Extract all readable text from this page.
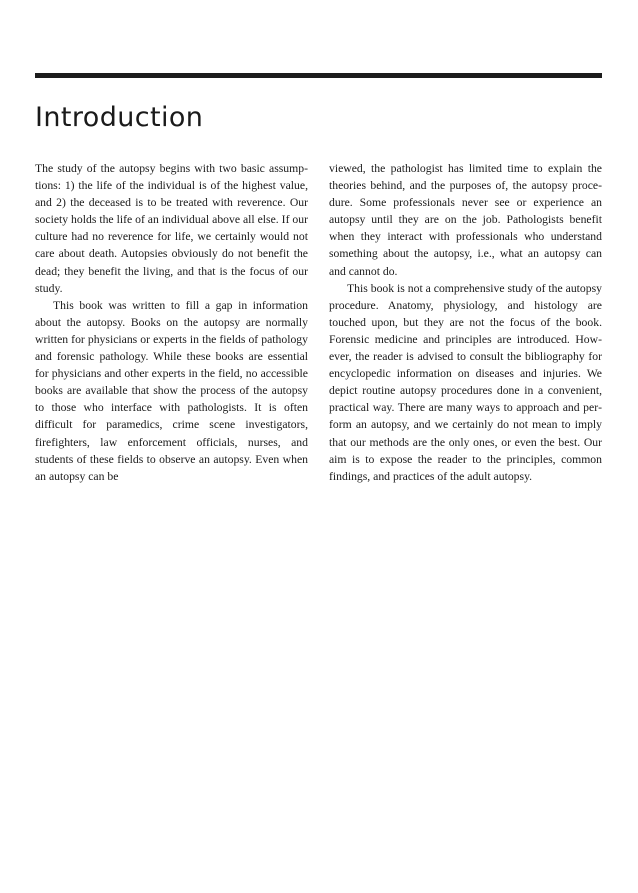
Introduction

The study of the autopsy begins with two basic assumptions: 1) the life of the individual is of the highest value, and 2) the deceased is to be treated with reverence. Our society holds the life of an individual above all else. If our culture had no reverence for life, we certainly would not care about death. Autopsies obviously do not benefit the dead; they benefit the living, and that is the focus of our study.

This book was written to fill a gap in information about the autopsy. Books on the autopsy are normally written for physicians or experts in the fields of pathology and forensic pathology. While these books are essential for physicians and other experts in the field, no accessible books are available that show the process of the autopsy to those who interface with pathologists. It is often difficult for paramedics, crime scene investigators, firefighters, law enforcement officials, nurses, and students of these fields to observe an autopsy. Even when an autopsy can be

viewed, the pathologist has limited time to explain the theories behind, and the purposes of, the autopsy procedure. Some professionals never see or experience an autopsy until they are on the job. Pathologists benefit when they interact with professionals who understand something about the autopsy, i.e., what an autopsy can and cannot do.

This book is not a comprehensive study of the autopsy procedure. Anatomy, physiology, and histology are touched upon, but they are not the focus of the book. Forensic medicine and principles are introduced. However, the reader is advised to consult the bibliography for encyclopedic information on diseases and injuries. We depict routine autopsy procedures done in a convenient, practical way. There are many ways to approach and perform an autopsy, and we certainly do not mean to imply that our methods are the only ones, or even the best. Our aim is to expose the reader to the principles, common findings, and practices of the adult autopsy.
